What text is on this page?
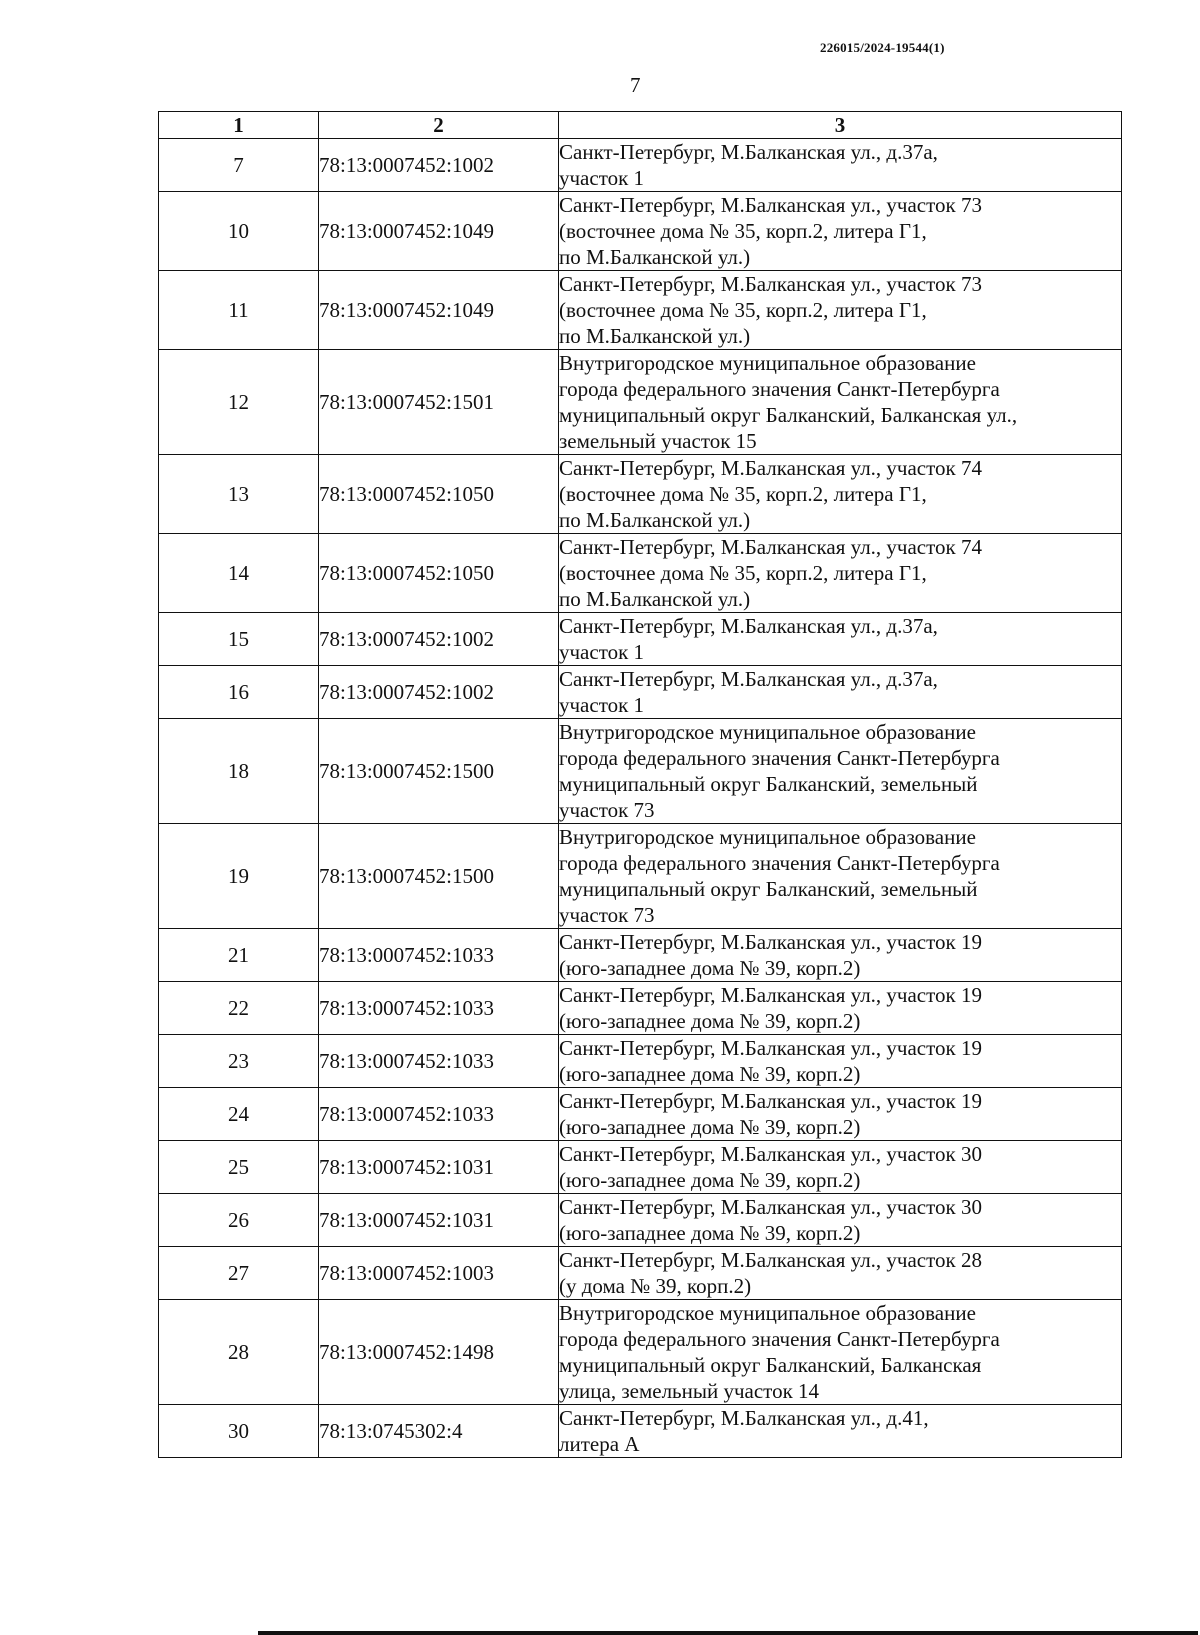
226015/2024-19544(1)
7
1	2	3
7	78:13:0007452:1002	Санкт-Петербург, М.Балканская ул., д.37а,
участок 1

10	78:13:0007452:1049	Санкт-Петербург, М.Балканская ул., участок 73
(восточнее дома № 35, корп.2, литера Г1,
по М.Балканской ул.)

11	78:13:0007452:1049	Санкт-Петербург, М.Балканская ул., участок 73
(восточнее дома № 35, корп.2, литера Г1,
по М.Балканской ул.)

12	78:13:0007452:1501	Внутригородское муниципальное образование
города федерального значения Санкт-Петербурга
муниципальный округ Балканский, Балканская ул.,
земельный участок 15

13	78:13:0007452:1050	Санкт-Петербург, М.Балканская ул., участок 74
(восточнее дома № 35, корп.2, литера Г1,
по М.Балканской ул.)

14	78:13:0007452:1050	Санкт-Петербург, М.Балканская ул., участок 74
(восточнее дома № 35, корп.2, литера Г1,
по М.Балканской ул.)

15	78:13:0007452:1002	Санкт-Петербург, М.Балканская ул., д.37а,
участок 1

16	78:13:0007452:1002	Санкт-Петербург, М.Балканская ул., д.37а,
участок 1

18	78:13:0007452:1500	Внутригородское муниципальное образование
города федерального значения Санкт-Петербурга
муниципальный округ Балканский, земельный
участок 73

19	78:13:0007452:1500	Внутригородское муниципальное образование
города федерального значения Санкт-Петербурга
муниципальный округ Балканский, земельный
участок 73

21	78:13:0007452:1033	Санкт-Петербург, М.Балканская ул., участок 19
(юго-западнее дома № 39, корп.2)

22	78:13:0007452:1033	Санкт-Петербург, М.Балканская ул., участок 19
(юго-западнее дома № 39, корп.2)

23	78:13:0007452:1033	Санкт-Петербург, М.Балканская ул., участок 19
(юго-западнее дома № 39, корп.2)

24	78:13:0007452:1033	Санкт-Петербург, М.Балканская ул., участок 19
(юго-западнее дома № 39, корп.2)

25	78:13:0007452:1031	Санкт-Петербург, М.Балканская ул., участок 30
(юго-западнее дома № 39, корп.2)

26	78:13:0007452:1031	Санкт-Петербург, М.Балканская ул., участок 30
(юго-западнее дома № 39, корп.2)

27	78:13:0007452:1003	Санкт-Петербург, М.Балканская ул., участок 28
(у дома № 39, корп.2)

28	78:13:0007452:1498	Внутригородское муниципальное образование
города федерального значения Санкт-Петербурга
муниципальный округ Балканский, Балканская
улица, земельный участок 14

30	78:13:0745302:4	Санкт-Петербург, М.Балканская ул., д.41,
литера А
